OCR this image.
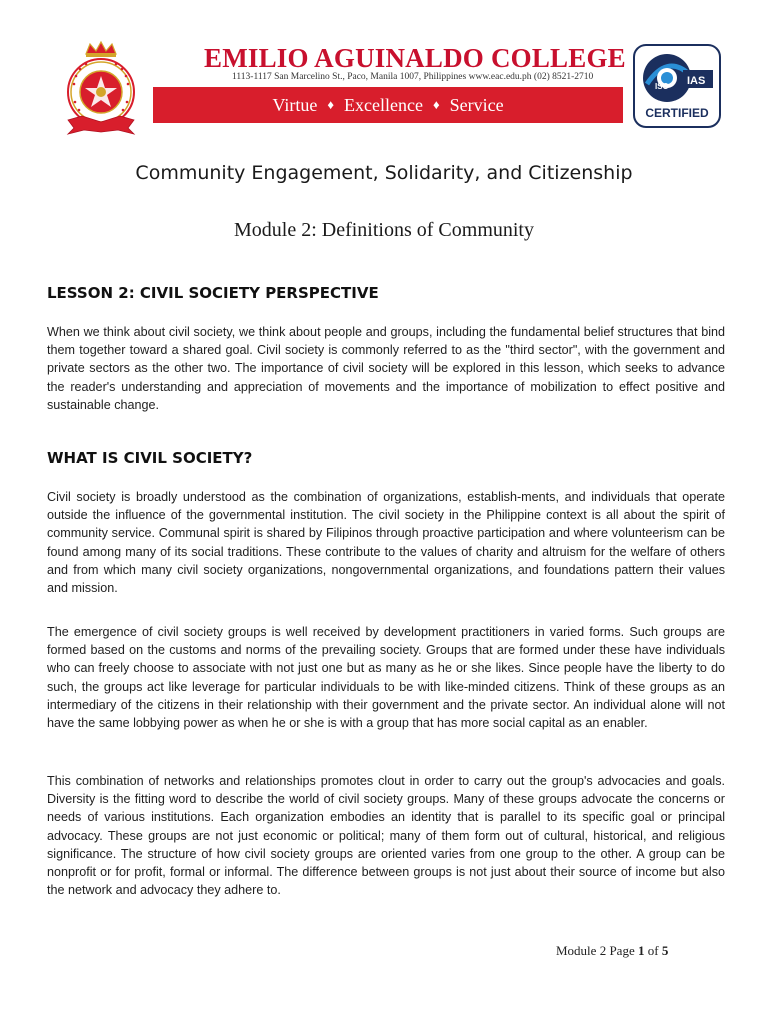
EMILIO AGUINALDO COLLEGE
1113-1117 San Marcelino St., Paco, Manila 1007, Philippines www.eac.edu.ph (02) 8521-2710
Virtue ♦ Excellence ♦ Service
ISO IAS
CERTIFIED
Community Engagement, Solidarity, and Citizenship
Module 2: Definitions of Community
LESSON 2: CIVIL SOCIETY PERSPECTIVE
When we think about civil society, we think about people and groups, including the fundamental belief structures that bind them together toward a shared goal. Civil society is commonly referred to as the "third sector", with the government and private sectors as the other two. The importance of civil society will be explored in this lesson, which seeks to advance the reader's understanding and appreciation of movements and the importance of mobilization to effect positive and sustainable change.
WHAT IS CIVIL SOCIETY?
Civil society is broadly understood as the combination of organizations, establish-ments, and individuals that operate outside the influence of the governmental institution. The civil society in the Philippine context is all about the spirit of community service. Communal spirit is shared by Filipinos through proactive participation and where volunteerism can be found among many of its social traditions. These contribute to the values of charity and altruism for the welfare of others and from which many civil society organizations, nongovernmental organizations, and foundations pattern their values and mission.
The emergence of civil society groups is well received by development practitioners in varied forms. Such groups are formed based on the customs and norms of the prevailing society. Groups that are formed under these have individuals who can freely choose to associate with not just one but as many as he or she likes. Since people have the liberty to do such, the groups act like leverage for particular individuals to be with like-minded citizens. Think of these groups as an intermediary of the citizens in their relationship with their government and the private sector. An individual alone will not have the same lobbying power as when he or she is with a group that has more social capital as an enabler.
This combination of networks and relationships promotes clout in order to carry out the group's advocacies and goals. Diversity is the fitting word to describe the world of civil society groups. Many of these groups advocate the concerns or needs of various institutions. Each organization embodies an identity that is parallel to its specific goal or principal advocacy. These groups are not just economic or political; many of them form out of cultural, historical, and religious significance. The structure of how civil society groups are oriented varies from one group to the other. A group can be nonprofit or for profit, formal or informal. The difference between groups is not just about their source of income but also the network and advocacy they adhere to.
Module 2 Page 1 of 5
